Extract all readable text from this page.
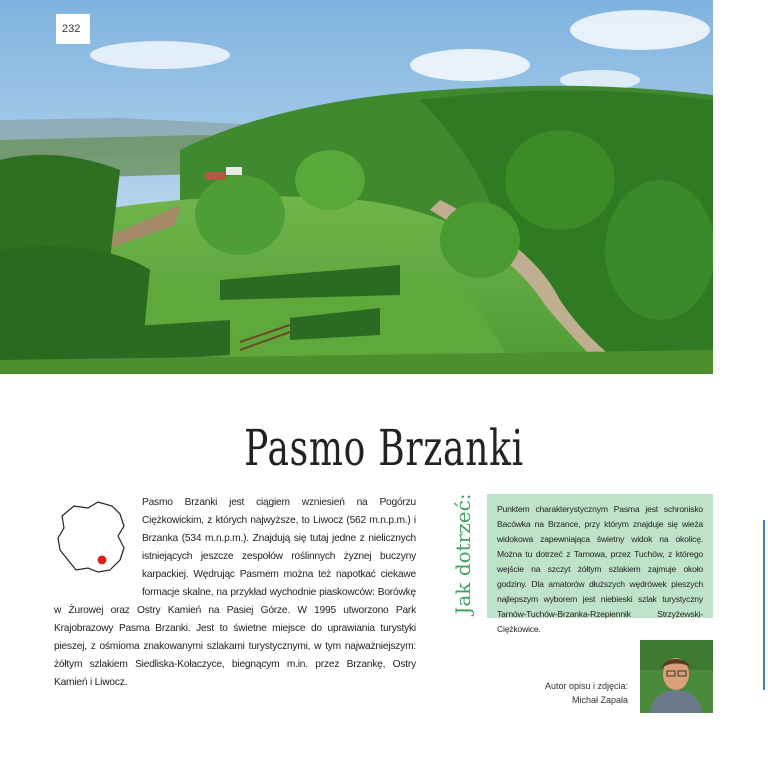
232
Pasmo Brzanki

Pasmo Brzanki jest ciągiem wzniesień na Pogórzu Ciężkowickim, z których najwyższe, to Liwocz (562 m.n.p.m.) i Brzanka (534 m.n.p.m.). Znajdują się tutaj jedne z nielicznych istniejących jeszcze zespołów roślinnych żyznej buczyny karpackiej. Wędrując Pasmem można też napotkać ciekawe formacje skalne, na przykład wychodnie piaskowców: Borówkę w Żurowej oraz Ostry Kamień na Pasiej Górze. W 1995 utworzono Park Krajobrazowy Pasma Brzanki. Jest to świetne miejsce do uprawiania turystyki pieszej, z ośmioma znakowanymi szlakami turystycznymi, w tym najważniejszym: żółtym szlakiem Siedliska-Kołaczyce, biegnącym m.in. przez Brzankę, Ostry Kamień i Liwocz.

Jak dotrzeć:	Punktem charakterystycznym Pasma jest schronisko Bacówka na Brzance, przy którym znajduje się wieża widokowa zapewniająca świetny widok na okolicę. Można tu dotrzeć z Tarnowa, przez Tuchów, z którego wejście na szczyt żółtym szlakiem zajmuje około godziny. Dla amatorów dłuższych wędrówek pieszych najlepszym wyborem jest niebieski szlak turystyczny Tarnów-Tuchów-Brzanka-Rzepiennik Strzyżewski-Ciężkowice.
Autor opisu i zdjęcia:
Michał Zapała
